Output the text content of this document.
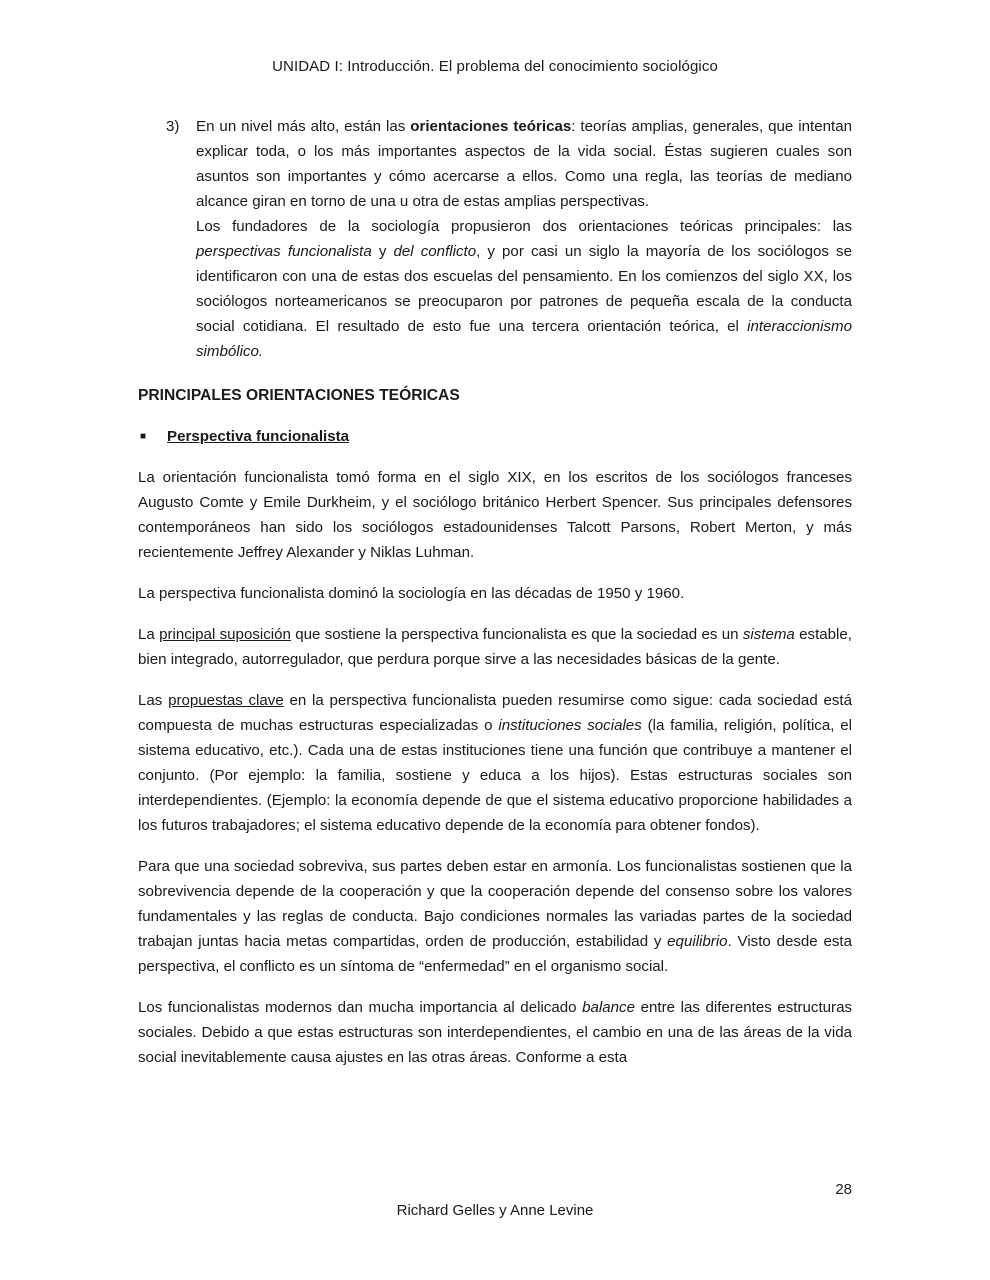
UNIDAD I: Introducción. El problema del conocimiento sociológico
3) En un nivel más alto, están las orientaciones teóricas: teorías amplias, generales, que intentan explicar toda, o los más importantes aspectos de la vida social. Éstas sugieren cuales son asuntos son importantes y cómo acercarse a ellos. Como una regla, las teorías de mediano alcance giran en torno de una u otra de estas amplias perspectivas.

Los fundadores de la sociología propusieron dos orientaciones teóricas principales: las perspectivas funcionalista y del conflicto, y por casi un siglo la mayoría de los sociólogos se identificaron con una de estas dos escuelas del pensamiento. En los comienzos del siglo XX, los sociólogos norteamericanos se preocuparon por patrones de pequeña escala de la conducta social cotidiana. El resultado de esto fue una tercera orientación teórica, el interaccionismo simbólico.

PRINCIPALES ORIENTACIONES TEÓRICAS
■ Perspectiva funcionalista

La orientación funcionalista tomó forma en el siglo XIX, en los escritos de los sociólogos franceses Augusto Comte y Emile Durkheim, y el sociólogo británico Herbert Spencer. Sus principales defensores contemporáneos han sido los sociólogos estadounidenses Talcott Parsons, Robert Merton, y más recientemente Jeffrey Alexander y Niklas Luhman.

La perspectiva funcionalista dominó la sociología en las décadas de 1950 y 1960.

La principal suposición que sostiene la perspectiva funcionalista es que la sociedad es un sistema estable, bien integrado, autorregulador, que perdura porque sirve a las necesidades básicas de la gente.

Las propuestas clave en la perspectiva funcionalista pueden resumirse como sigue: cada sociedad está compuesta de muchas estructuras especializadas o instituciones sociales (la familia, religión, política, el sistema educativo, etc.). Cada una de estas instituciones tiene una función que contribuye a mantener el conjunto. (Por ejemplo: la familia, sostiene y educa a los hijos). Estas estructuras sociales son interdependientes. (Ejemplo: la economía depende de que el sistema educativo proporcione habilidades a los futuros trabajadores; el sistema educativo depende de la economía para obtener fondos).

Para que una sociedad sobreviva, sus partes deben estar en armonía. Los funcionalistas sostienen que la sobrevivencia depende de la cooperación y que la cooperación depende del consenso sobre los valores fundamentales y las reglas de conducta. Bajo condiciones normales las variadas partes de la sociedad trabajan juntas hacia metas compartidas, orden de producción, estabilidad y equilibrio. Visto desde esta perspectiva, el conflicto es un síntoma de “enfermedad” en el organismo social.

Los funcionalistas modernos dan mucha importancia al delicado balance entre las diferentes estructuras sociales. Debido a que estas estructuras son interdependientes, el cambio en una de las áreas de la vida social inevitablemente causa ajustes en las otras áreas. Conforme a esta

28
Richard Gelles y Anne Levine
